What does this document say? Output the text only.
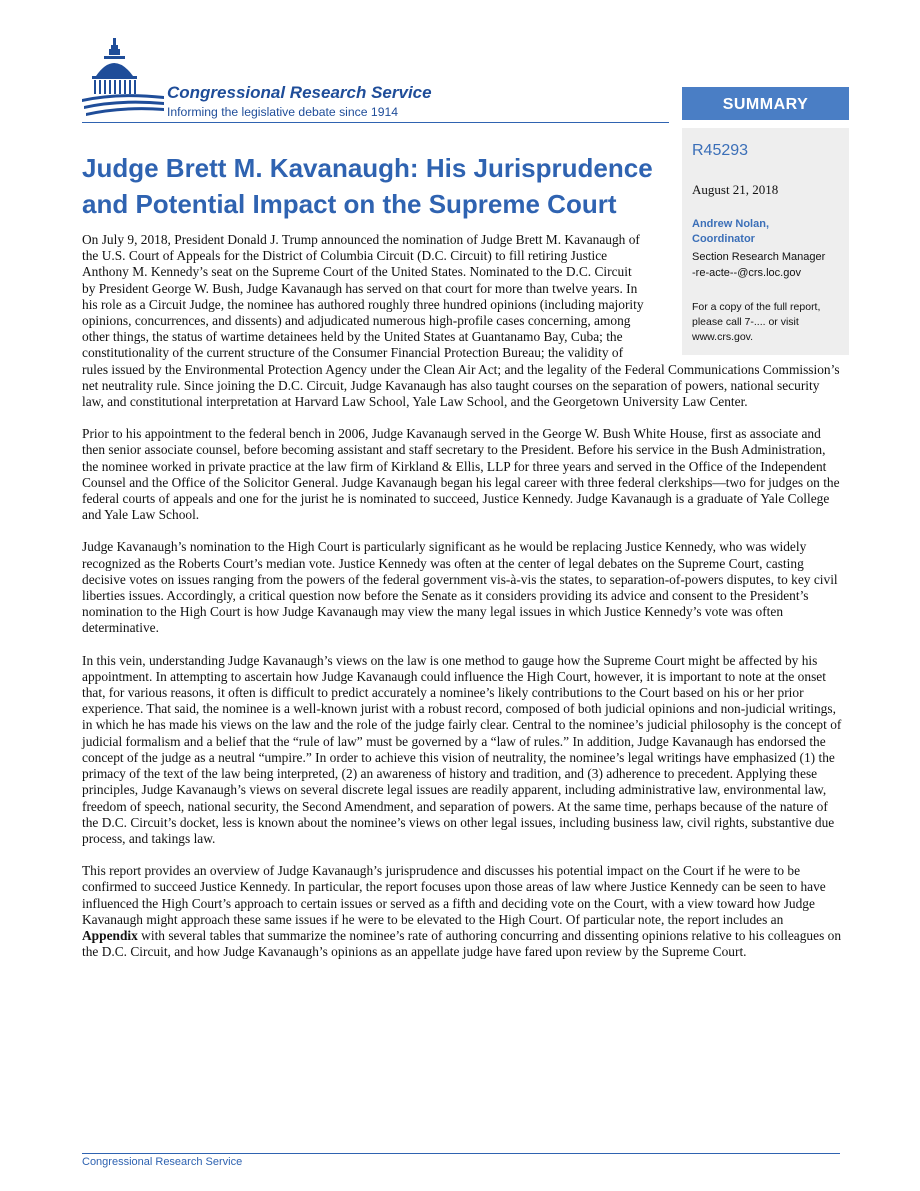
Congressional Research Service
Informing the legislative debate since 1914	SUMMARY
R45293
August 21, 2018
Andrew Nolan,
Coordinator
Section Research Manager
-re-acte--@crs.loc.gov
For a copy of the full report, please call 7-.... or visit www.crs.gov.
Judge Brett M. Kavanaugh: His Jurisprudence and Potential Impact on the Supreme Court

On July 9, 2018, President Donald J. Trump announced the nomination of Judge Brett M. Kavanaugh of the U.S. Court of Appeals for the District of Columbia Circuit (D.C. Circuit) to fill retiring Justice Anthony M. Kennedy’s seat on the Supreme Court of the United States. Nominated to the D.C. Circuit by President George W. Bush, Judge Kavanaugh has served on that court for more than twelve years. In his role as a Circuit Judge, the nominee has authored roughly three hundred opinions (including majority opinions, concurrences, and dissents) and adjudicated numerous high-profile cases concerning, among other things, the status of wartime detainees held by the United States at Guantanamo Bay, Cuba; the constitutionality of the current structure of the Consumer Financial Protection Bureau; the validity of rules issued by the Environmental Protection Agency under the Clean Air Act; and the legality of the Federal Communications Commission’s net neutrality rule. Since joining the D.C. Circuit, Judge Kavanaugh has also taught courses on the separation of powers, national security law, and constitutional interpretation at Harvard Law School, Yale Law School, and the Georgetown University Law Center.

Prior to his appointment to the federal bench in 2006, Judge Kavanaugh served in the George W. Bush White House, first as associate and then senior associate counsel, before becoming assistant and staff secretary to the President. Before his service in the Bush Administration, the nominee worked in private practice at the law firm of Kirkland & Ellis, LLP for three years and served in the Office of the Independent Counsel and the Office of the Solicitor General. Judge Kavanaugh began his legal career with three federal clerkships—two for judges on the federal courts of appeals and one for the jurist he is nominated to succeed, Justice Kennedy. Judge Kavanaugh is a graduate of Yale College and Yale Law School.

Judge Kavanaugh’s nomination to the High Court is particularly significant as he would be replacing Justice Kennedy, who was widely recognized as the Roberts Court’s median vote. Justice Kennedy was often at the center of legal debates on the Supreme Court, casting decisive votes on issues ranging from the powers of the federal government vis-à-vis the states, to separation-of-powers disputes, to key civil liberties issues. Accordingly, a critical question now before the Senate as it considers providing its advice and consent to the President’s nomination to the High Court is how Judge Kavanaugh may view the many legal issues in which Justice Kennedy’s vote was often determinative.

In this vein, understanding Judge Kavanaugh’s views on the law is one method to gauge how the Supreme Court might be affected by his appointment. In attempting to ascertain how Judge Kavanaugh could influence the High Court, however, it is important to note at the onset that, for various reasons, it often is difficult to predict accurately a nominee’s likely contributions to the Court based on his or her prior experience. That said, the nominee is a well-known jurist with a robust record, composed of both judicial opinions and non-judicial writings, in which he has made his views on the law and the role of the judge fairly clear. Central to the nominee’s judicial philosophy is the concept of judicial formalism and a belief that the “rule of law” must be governed by a “law of rules.” In addition, Judge Kavanaugh has endorsed the concept of the judge as a neutral “umpire.” In order to achieve this vision of neutrality, the nominee’s legal writings have emphasized (1) the primacy of the text of the law being interpreted, (2) an awareness of history and tradition, and (3) adherence to precedent. Applying these principles, Judge Kavanaugh’s views on several discrete legal issues are readily apparent, including administrative law, environmental law, freedom of speech, national security, the Second Amendment, and separation of powers. At the same time, perhaps because of the nature of the D.C. Circuit’s docket, less is known about the nominee’s views on other legal issues, including business law, civil rights, substantive due process, and takings law.

This report provides an overview of Judge Kavanaugh’s jurisprudence and discusses his potential impact on the Court if he were to be confirmed to succeed Justice Kennedy. In particular, the report focuses upon those areas of law where Justice Kennedy can be seen to have influenced the High Court’s approach to certain issues or served as a fifth and deciding vote on the Court, with a view toward how Judge Kavanaugh might approach these same issues if he were to be elevated to the High Court. Of particular note, the report includes an Appendix with several tables that summarize the nominee’s rate of authoring concurring and dissenting opinions relative to his colleagues on the D.C. Circuit, and how Judge Kavanaugh’s opinions as an appellate judge have fared upon review by the Supreme Court.

Congressional Research Service
